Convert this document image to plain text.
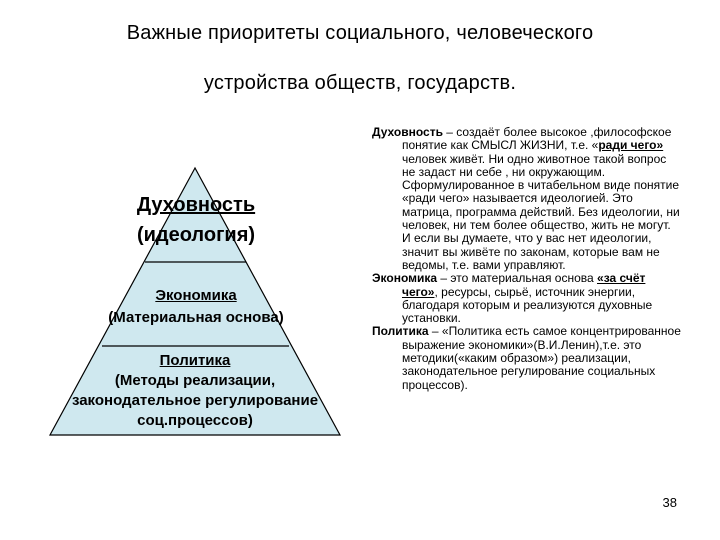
Важные приоритеты социального, человеческого
устройства обществ, государств.
Духовность
(идеология)
Экономика
(Материальная основа)
Политика
(Методы реализации,
законодательное регулирование
соц.процессов)

Духовность – создаёт более высокое ,философское понятие как СМЫСЛ ЖИЗНИ, т.е. «ради чего» человек живёт. Ни одно животное такой вопрос не задаст ни себе , ни окружающим. Сформулированное в читабельном виде понятие «ради чего» называется идеологией. Это матрица, программа действий. Без идеологии, ни человек, ни тем более общество, жить не могут. И если вы думаете, что у вас нет идеологии, значит вы живёте по законам, которые вам не ведомы, т.е. вами управляют.

Экономика – это материальная основа «за счёт чего», ресурсы, сырьё, источник энергии, благодаря которым и реализуются духовные установки.

Политика – «Политика есть самое концентрированное выражение экономики»(В.И.Ленин),т.е. это методики(«каким образом») реализации, законодательное регулирование социальных процессов).

38
